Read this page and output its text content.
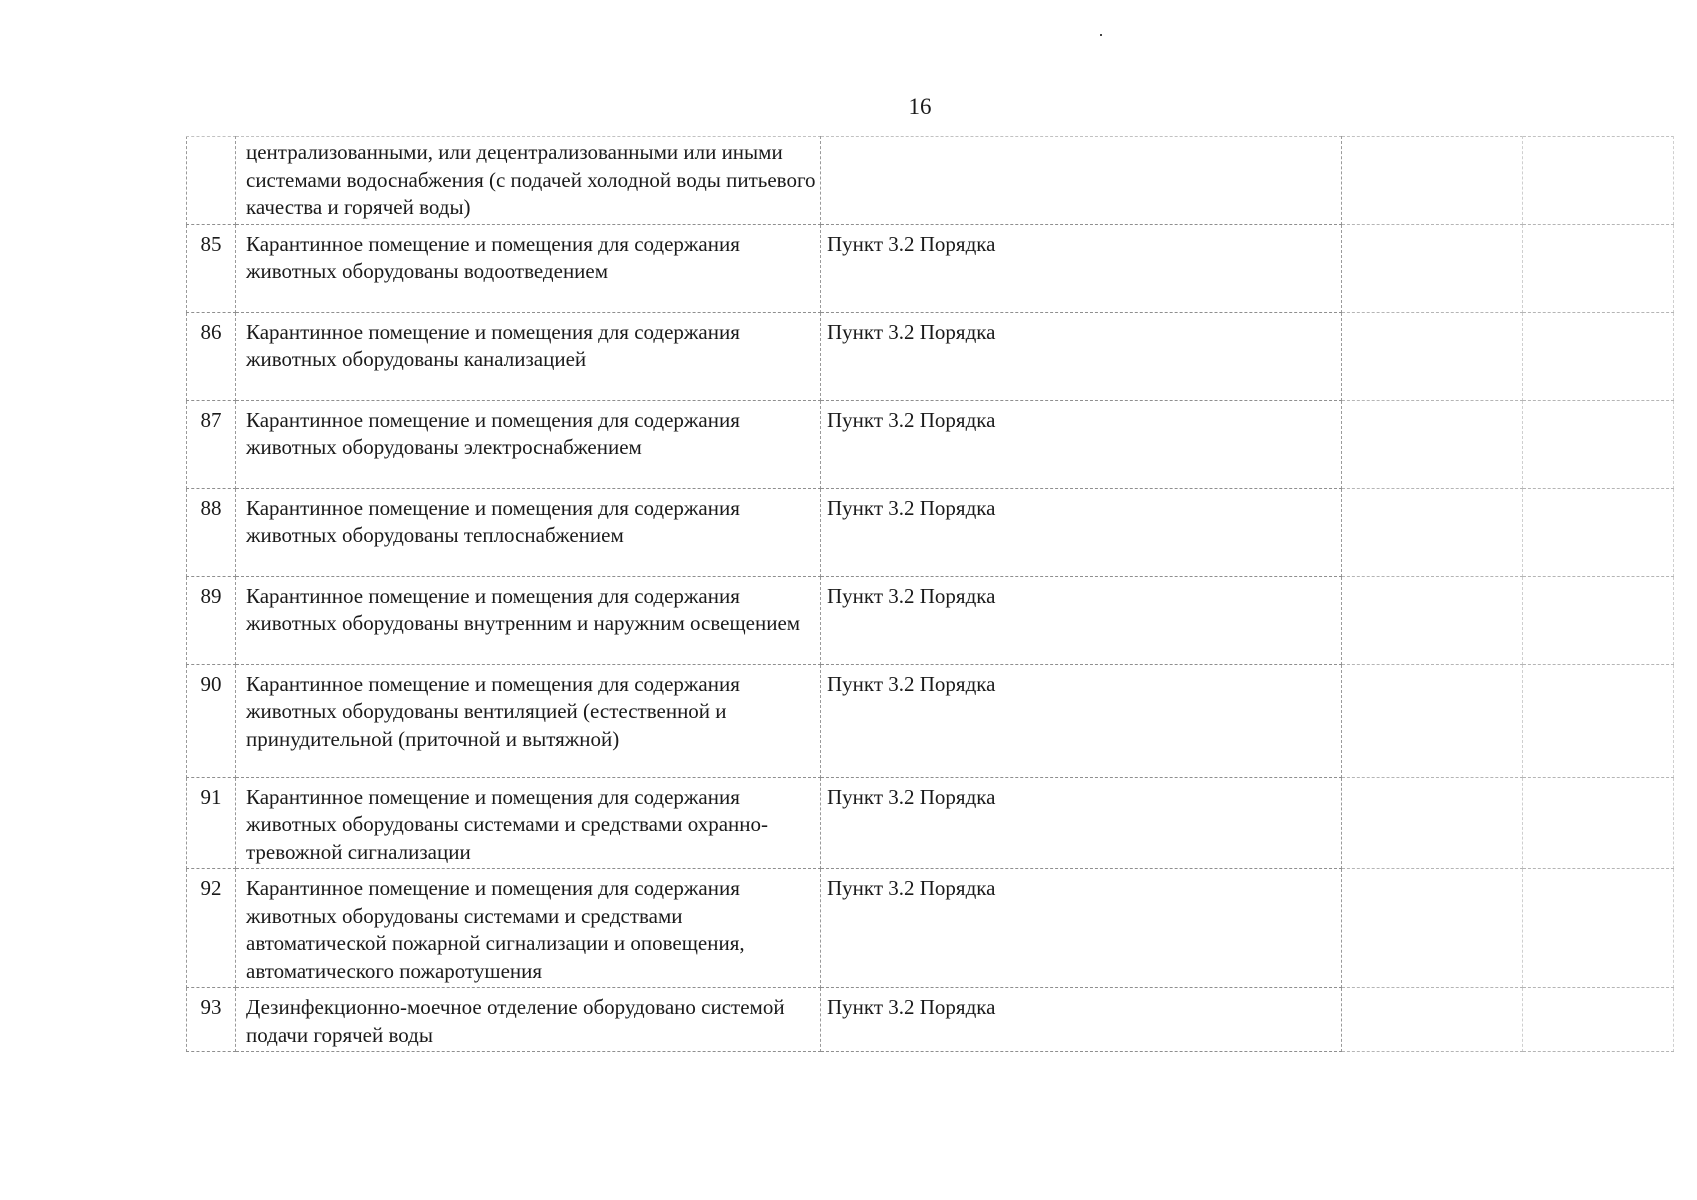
16
	централизованными, или децентрализованными или иными системами водоснабжения (с подачей холодной воды питьевого качества и горячей воды)			
85	Карантинное помещение и помещения для содержания животных оборудованы водоотведением	Пункт 3.2 Порядка		
86	Карантинное помещение и помещения для содержания животных оборудованы канализацией	Пункт 3.2 Порядка		
87	Карантинное помещение и помещения для содержания животных оборудованы электроснабжением	Пункт 3.2 Порядка		
88	Карантинное помещение и помещения для содержания животных оборудованы теплоснабжением	Пункт 3.2 Порядка		
89	Карантинное помещение и помещения для содержания животных оборудованы внутренним и наружним освещением	Пункт 3.2 Порядка		
90	Карантинное помещение и помещения для содержания животных оборудованы вентиляцией (естественной и принудительной (приточной и вытяжной)	Пункт 3.2 Порядка		
91	Карантинное помещение и помещения для содержания животных оборудованы системами и средствами охранно-тревожной сигнализации	Пункт 3.2 Порядка		
92	Карантинное помещение и помещения для содержания животных оборудованы системами и средствами автоматической пожарной сигнализации и оповещения, автоматического пожаротушения	Пункт 3.2 Порядка		
93	Дезинфекционно-моечное отделение оборудовано системой подачи горячей воды	Пункт 3.2 Порядка		
